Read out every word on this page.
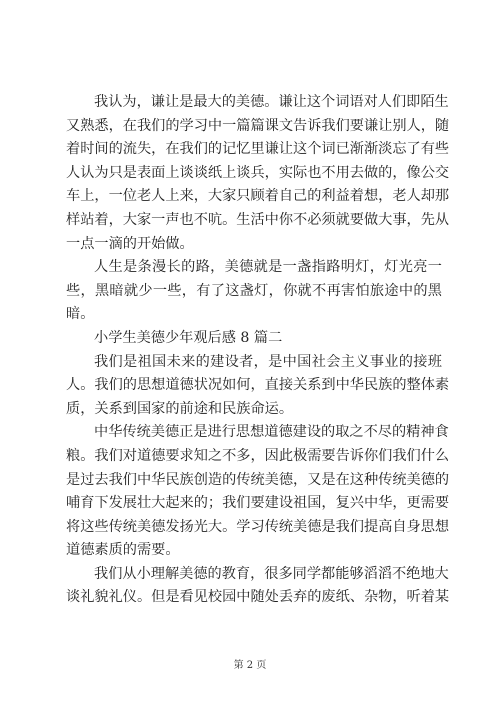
我认为，谦让是最大的美德。谦让这个词语对人们即陌生
又熟悉，在我们的学习中一篇篇课文告诉我们要谦让别人，随
着时间的流失，在我们的记忆里谦让这个词已渐渐淡忘了有些
人认为只是表面上谈谈纸上谈兵，实际也不用去做的，像公交
车上，一位老人上来，大家只顾着自己的利益着想，老人却那
样站着，大家一声也不吭。生活中你不必须就要做大事，先从
一点一滴的开始做。
人生是条漫长的路，美德就是一盏指路明灯，灯光亮一
些，黑暗就少一些，有了这盏灯，你就不再害怕旅途中的黑
暗。
小学生美德少年观后感 8 篇二
我们是祖国未来的建设者，是中国社会主义事业的接班
人。我们的思想道德状况如何，直接关系到中华民族的整体素
质，关系到国家的前途和民族命运。
中华传统美德正是进行思想道德建设的取之不尽的精神食
粮。我们对道德要求知之不多，因此极需要告诉你们我们什么
是过去我们中华民族创造的传统美德，又是在这种传统美德的
哺育下发展壮大起来的；我们要建设祖国，复兴中华，更需要
将这些传统美德发扬光大。学习传统美德是我们提高自身思想
道德素质的需要。
我们从小理解美德的教育，很多同学都能够滔滔不绝地大
谈礼貌礼仪。但是看见校园中随处丢弃的废纸、杂物，听着某
第 2 页
